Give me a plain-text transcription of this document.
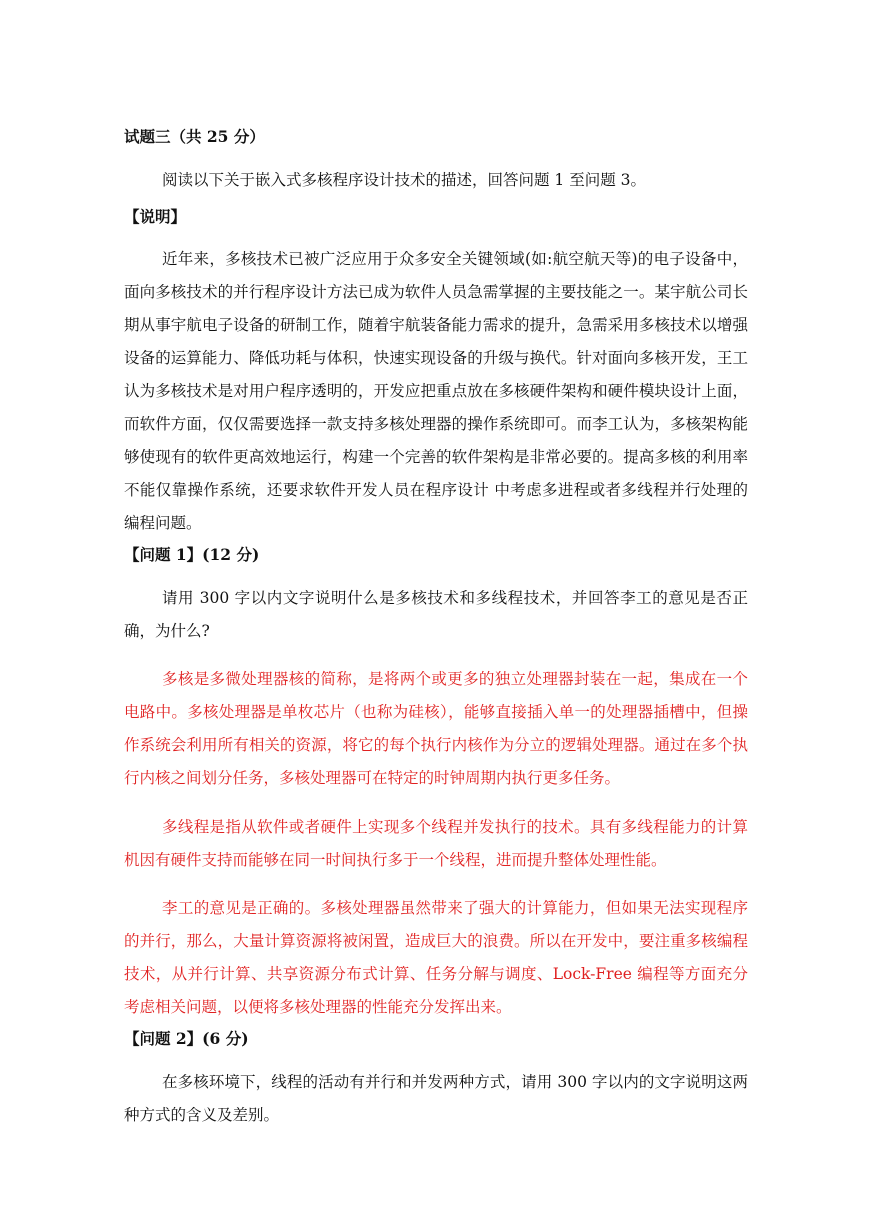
试题三（共 25 分）

阅读以下关于嵌入式多核程序设计技术的描述，回答问题 1 至问题 3。

【说明】

近年来，多核技术已被广泛应用于众多安全关键领域(如:航空航天等)的电子设备中，面向多核技术的并行程序设计方法已成为软件人员急需掌握的主要技能之一。某宇航公司长期从事宇航电子设备的研制工作，随着宇航装备能力需求的提升，急需采用多核技术以增强设备的运算能力、降低功耗与体积，快速实现设备的升级与换代。针对面向多核开发，王工认为多核技术是对用户程序透明的，开发应把重点放在多核硬件架构和硬件模块设计上面，而软件方面，仅仅需要选择一款支持多核处理器的操作系统即可。而李工认为，多核架构能够使现有的软件更高效地运行，构建一个完善的软件架构是非常必要的。提高多核的利用率不能仅靠操作系统，还要求软件开发人员在程序设计 中考虑多进程或者多线程并行处理的编程问题。

【问题 1】(12 分)

请用 300 字以内文字说明什么是多核技术和多线程技术，并回答李工的意见是否正确，为什么?

多核是多微处理器核的简称，是将两个或更多的独立处理器封装在一起，集成在一个电路中。多核处理器是单枚芯片（也称为硅核），能够直接插入单一的处理器插槽中，但操作系统会利用所有相关的资源，将它的每个执行内核作为分立的逻辑处理器。通过在多个执行内核之间划分任务，多核处理器可在特定的时钟周期内执行更多任务。

多线程是指从软件或者硬件上实现多个线程并发执行的技术。具有多线程能力的计算机因有硬件支持而能够在同一时间执行多于一个线程，进而提升整体处理性能。

李工的意见是正确的。多核处理器虽然带来了强大的计算能力，但如果无法实现程序的并行，那么，大量计算资源将被闲置，造成巨大的浪费。所以在开发中，要注重多核编程技术，从并行计算、共享资源分布式计算、任务分解与调度、Lock-Free 编程等方面充分考虑相关问题，以便将多核处理器的性能充分发挥出来。

【问题 2】(6 分)

在多核环境下，线程的活动有并行和并发两种方式，请用 300 字以内的文字说明这两种方式的含义及差别。
